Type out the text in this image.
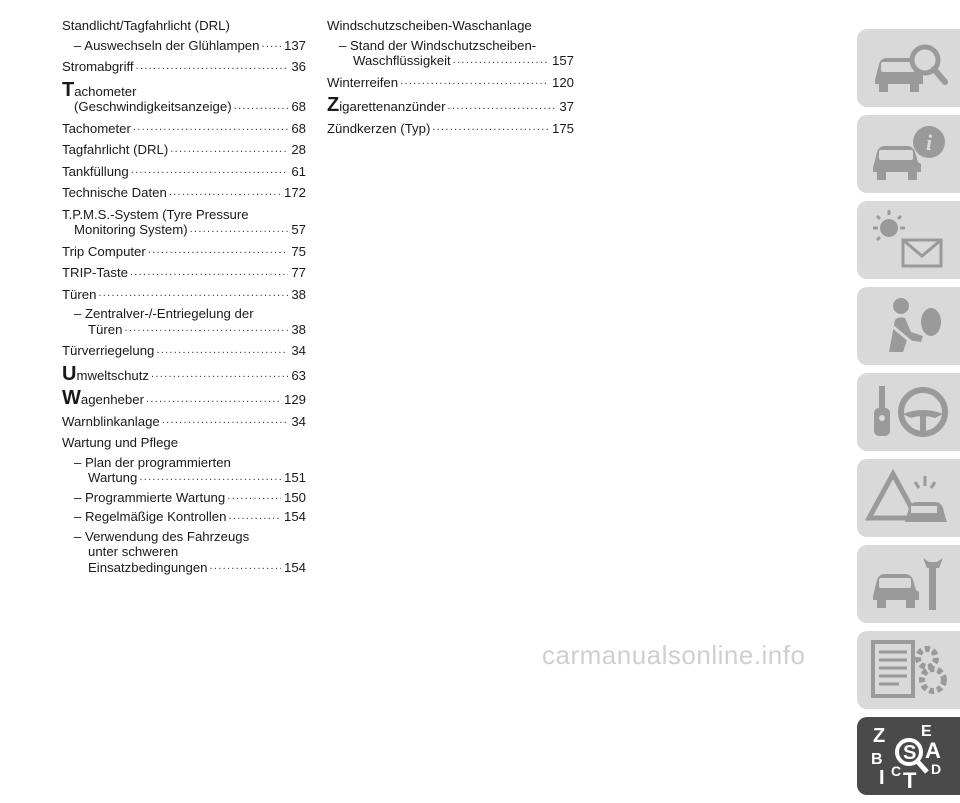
Standlicht/Tagfahrlicht (DRL)
– Auswechseln der Glühlampen ..... 137
Stromabgriff .....	36
Tachometer
(Geschwindigkeitsanzeige) .....	68
Tachometer .....	68
Tagfahrlicht (DRL) .....	28
Tankfüllung .....	61
Technische Daten .....	172
T.P.M.S.-System (Tyre Pressure
Monitoring System) .....	57
Trip Computer .....	75
TRIP-Taste .....	77
Türen .....	38
– Zentralver-/-Entriegelung der
Türen .....	38
Türverriegelung .....	34
Umweltschutz .....	63
Wagenheber .....	129
Warnblinkanlage .....	34
Wartung und Pflege
– Plan der programmierten
Wartung .....	151
– Programmierte Wartung .....	150
– Regelmäßige Kontrollen .....	154
– Verwendung des Fahrzeugs
unter schweren
Einsatzbedingungen .....	154
Windschutzscheiben-Waschanlage
– Stand der Windschutzscheiben-
Waschflüssigkeit .....	157
Winterreifen .....	120
Zigarettenanzünder .....	37
Zündkerzen (Typ) .....	175
i
Z E
S A
B
I C T D
carmanualsonline.info
